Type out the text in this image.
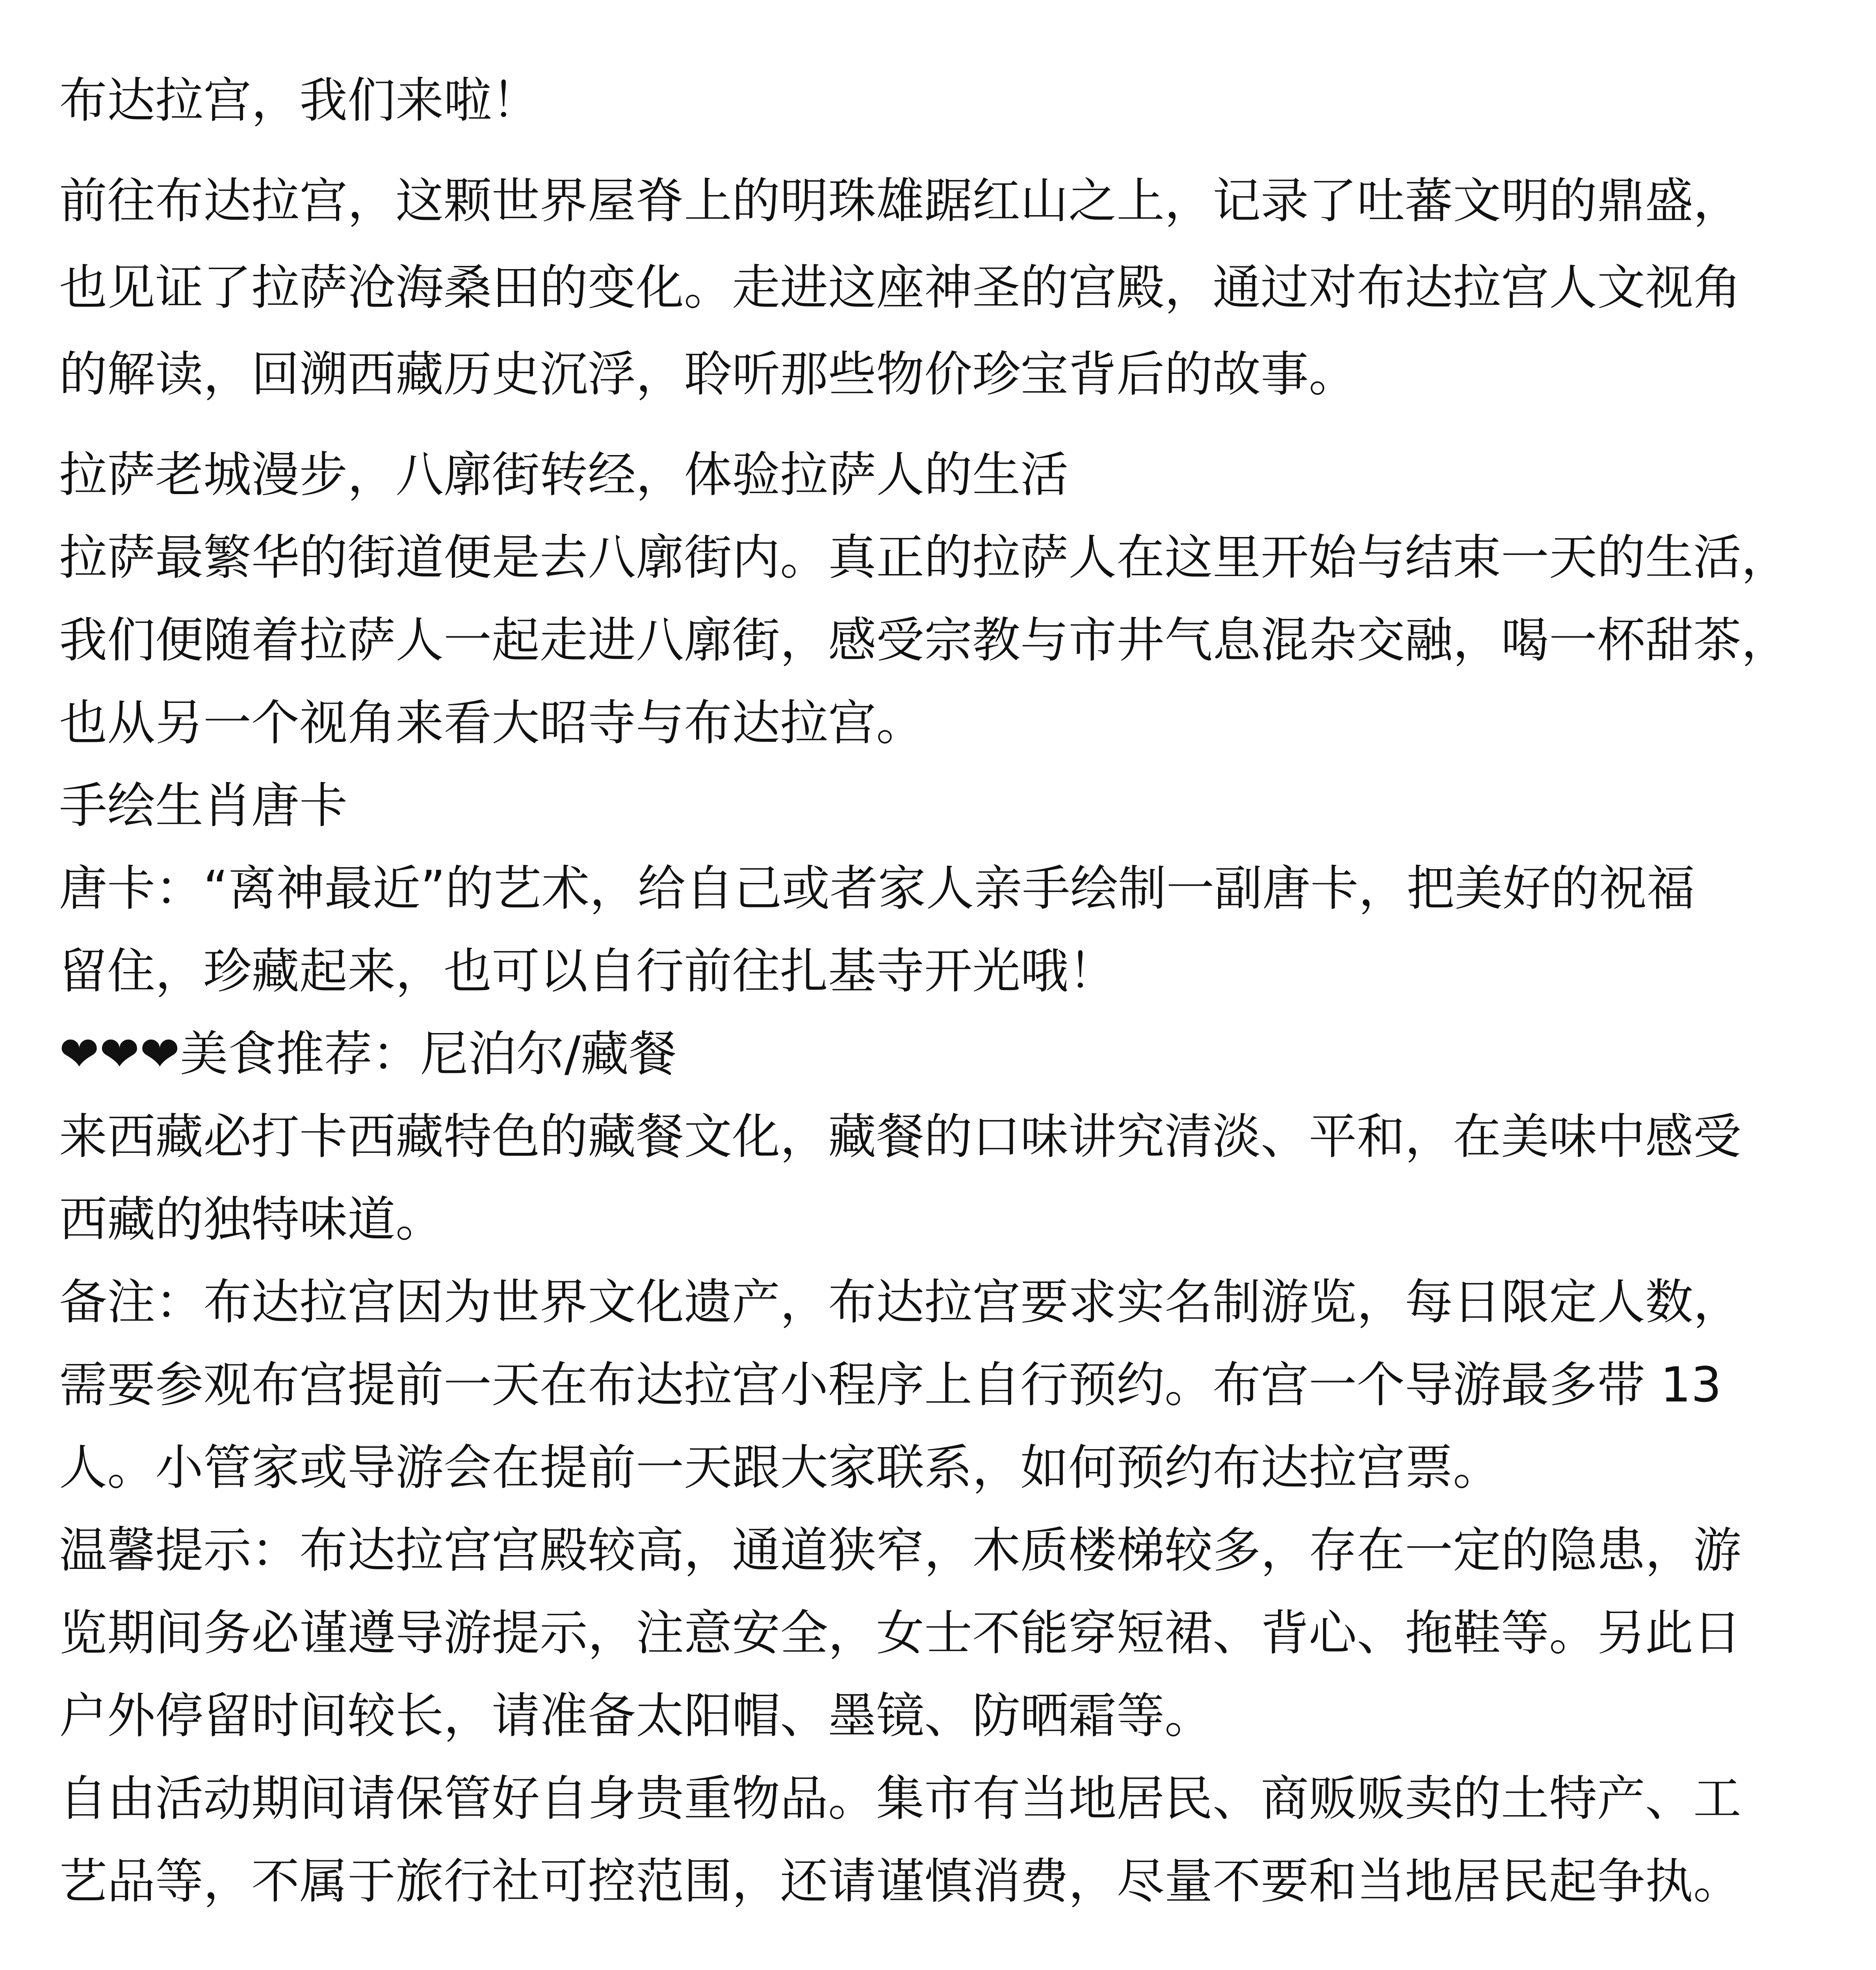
布达拉宫，我们来啦！

前往布达拉宫，这颗世界屋脊上的明珠雄踞红山之上，记录了吐蕃文明的鼎盛，

也见证了拉萨沧海桑田的变化。走进这座神圣的宫殿，通过对布达拉宫人文视角

的解读，回溯西藏历史沉浮，聆听那些物价珍宝背后的故事。

拉萨老城漫步，八廓街转经，体验拉萨人的生活

拉萨最繁华的街道便是去八廓街内。真正的拉萨人在这里开始与结束一天的生活，

我们便随着拉萨人一起走进八廓街，感受宗教与市井气息混杂交融，喝一杯甜茶，

也从另一个视角来看大昭寺与布达拉宫。

手绘生肖唐卡

唐卡：“离神最近”的艺术，给自己或者家人亲手绘制一副唐卡，把美好的祝福

留住，珍藏起来，也可以自行前往扎基寺开光哦！

❤❤❤美食推荐：尼泊尔/藏餐

来西藏必打卡西藏特色的藏餐文化，藏餐的口味讲究清淡、平和，在美味中感受

西藏的独特味道。

备注：布达拉宫因为世界文化遗产，布达拉宫要求实名制游览，每日限定人数，

需要参观布宫提前一天在布达拉宫小程序上自行预约。布宫一个导游最多带 13

人。小管家或导游会在提前一天跟大家联系，如何预约布达拉宫票。

温馨提示：布达拉宫宫殿较高，通道狭窄，木质楼梯较多，存在一定的隐患，游

览期间务必谨遵导游提示，注意安全，女士不能穿短裙、背心、拖鞋等。另此日

户外停留时间较长，请准备太阳帽、墨镜、防晒霜等。

自由活动期间请保管好自身贵重物品。集市有当地居民、商贩贩卖的土特产、工

艺品等，不属于旅行社可控范围，还请谨慎消费，尽量不要和当地居民起争执。
